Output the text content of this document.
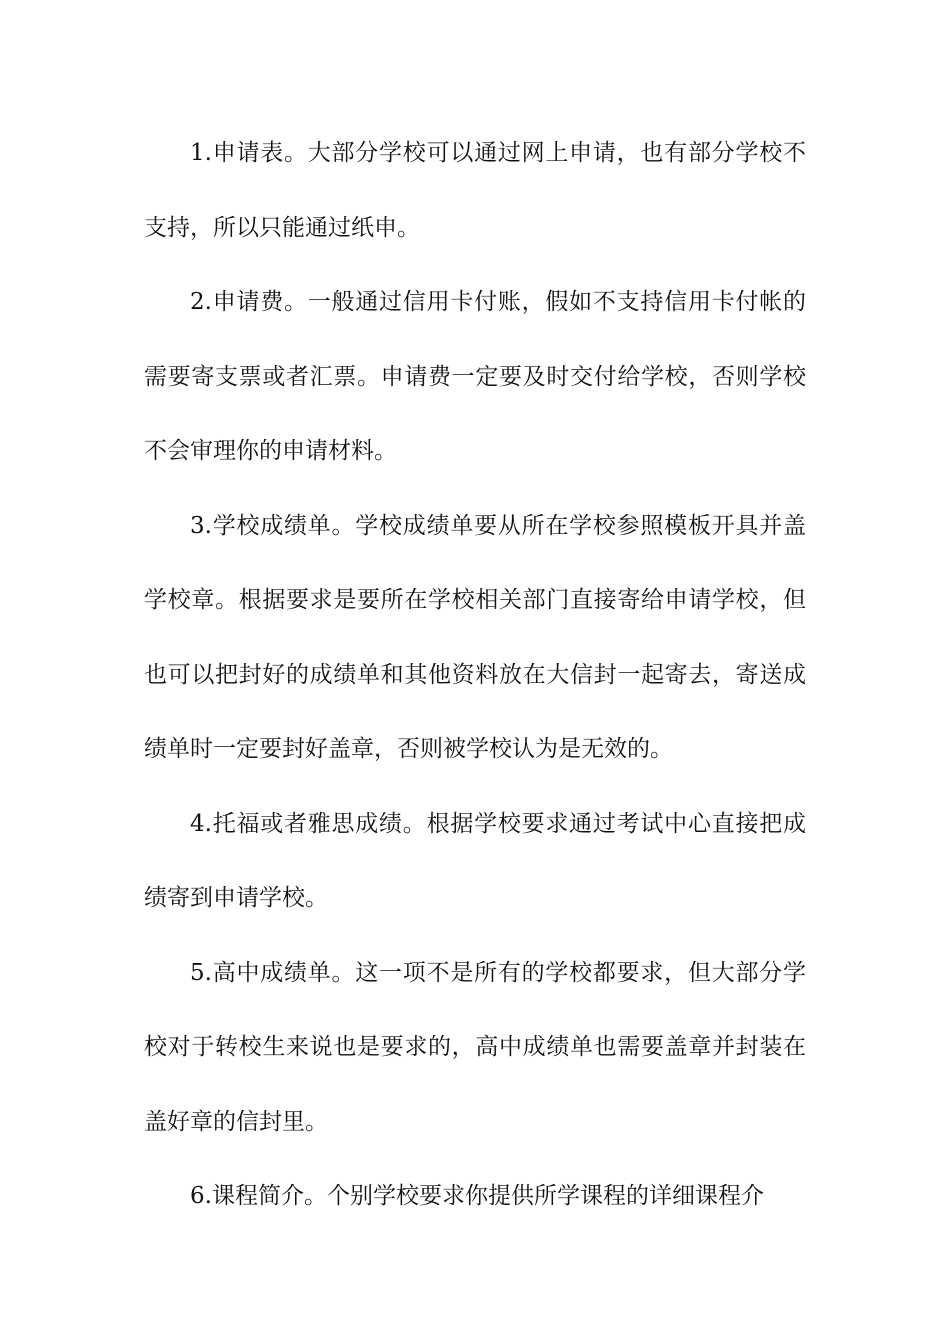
1.申请表。大部分学校可以通过网上申请，也有部分学校不支持，所以只能通过纸申。

2.申请费。一般通过信用卡付账，假如不支持信用卡付帐的需要寄支票或者汇票。申请费一定要及时交付给学校，否则学校不会审理你的申请材料。

3.学校成绩单。学校成绩单要从所在学校参照模板开具并盖学校章。根据要求是要所在学校相关部门直接寄给申请学校，但也可以把封好的成绩单和其他资料放在大信封一起寄去，寄送成绩单时一定要封好盖章，否则被学校认为是无效的。

4.托福或者雅思成绩。根据学校要求通过考试中心直接把成绩寄到申请学校。

5.高中成绩单。这一项不是所有的学校都要求，但大部分学校对于转校生来说也是要求的，高中成绩单也需要盖章并封装在盖好章的信封里。

6.课程简介。个别学校要求你提供所学课程的详细课程介
